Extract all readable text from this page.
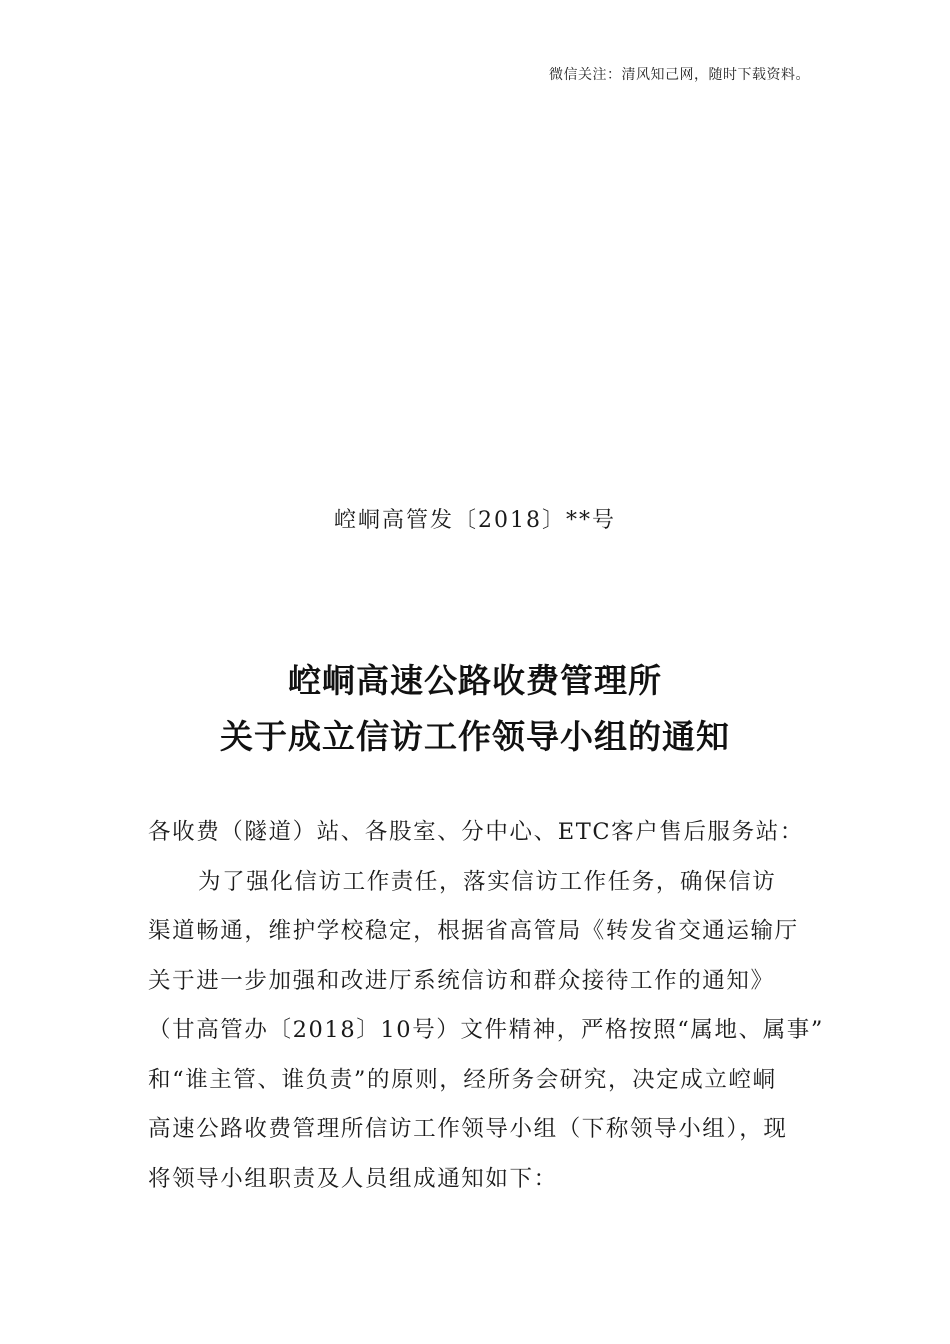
微信关注：清风知己网，随时下载资料。
崆峒高管发〔2018〕**号
崆峒高速公路收费管理所
关于成立信访工作领导小组的通知
各收费（隧道）站、各股室、分中心、ETC客户售后服务站：
为了强化信访工作责任，落实信访工作任务，确保信访
渠道畅通，维护学校稳定，根据省高管局《转发省交通运输厅
关于进一步加强和改进厅系统信访和群众接待工作的通知》
（甘高管办〔2018〕10号）文件精神，严格按照“属地、属事”
和“谁主管、谁负责”的原则，经所务会研究，决定成立崆峒
高速公路收费管理所信访工作领导小组（下称领导小组），现
将领导小组职责及人员组成通知如下：
